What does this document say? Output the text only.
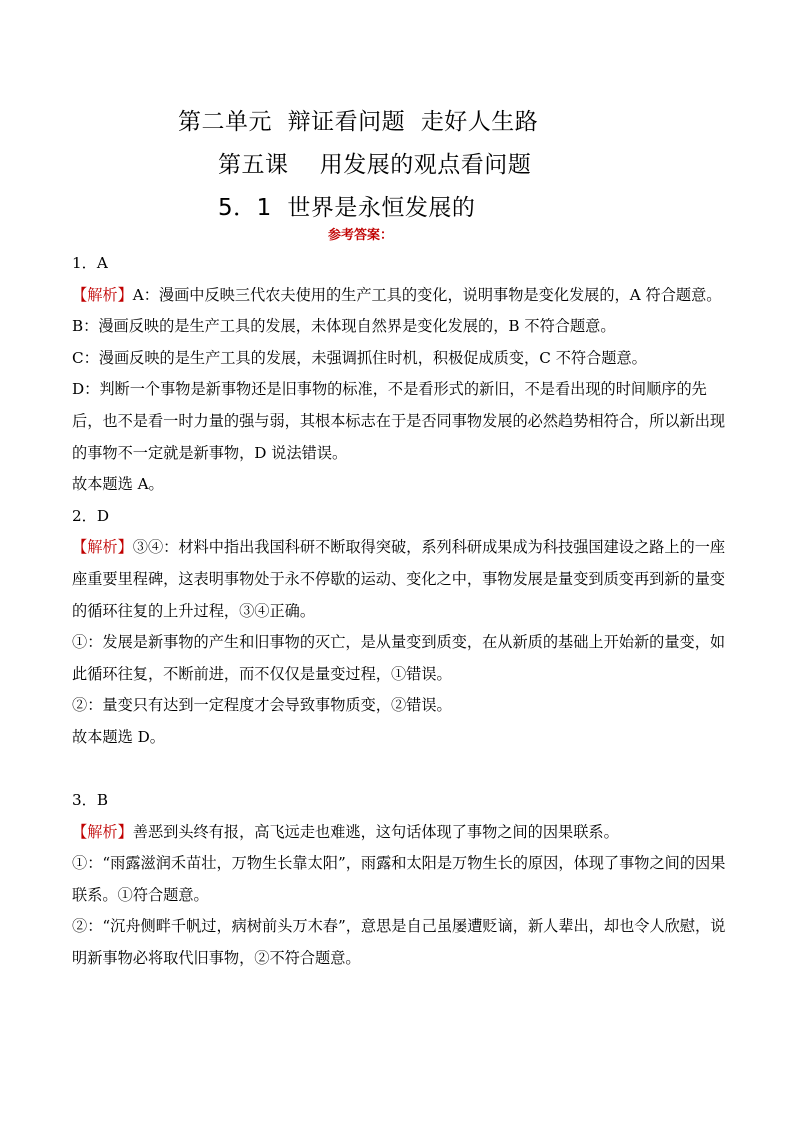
第二单元  辩证看问题  走好人生路
第五课    用发展的观点看问题
5．1  世界是永恒发展的
参考答案：

1．A

【解析】A：漫画中反映三代农夫使用的生产工具的变化，说明事物是变化发展的，A 符合题意。

B：漫画反映的是生产工具的发展，未体现自然界是变化发展的，B 不符合题意。

C：漫画反映的是生产工具的发展，未强调抓住时机，积极促成质变，C 不符合题意。

D：判断一个事物是新事物还是旧事物的标准，不是看形式的新旧，不是看出现的时间顺序的先后，也不是看一时力量的强与弱，其根本标志在于是否同事物发展的必然趋势相符合，所以新出现的事物不一定就是新事物，D 说法错误。

故本题选 A。

2．D

【解析】③④：材料中指出我国科研不断取得突破，系列科研成果成为科技强国建设之路上的一座座重要里程碑，这表明事物处于永不停歇的运动、变化之中，事物发展是量变到质变再到新的量变的循环往复的上升过程，③④正确。

①：发展是新事物的产生和旧事物的灭亡，是从量变到质变，在从新质的基础上开始新的量变，如此循环往复，不断前进，而不仅仅是量变过程，①错误。

②：量变只有达到一定程度才会导致事物质变，②错误。

故本题选 D。

3．B

【解析】善恶到头终有报，高飞远走也难逃，这句话体现了事物之间的因果联系。

①：“雨露滋润禾苗壮，万物生长靠太阳”，雨露和太阳是万物生长的原因，体现了事物之间的因果联系。①符合题意。

②：“沉舟侧畔千帆过，病树前头万木春”，意思是自己虽屡遭贬谪，新人辈出，却也令人欣慰，说明新事物必将取代旧事物，②不符合题意。
